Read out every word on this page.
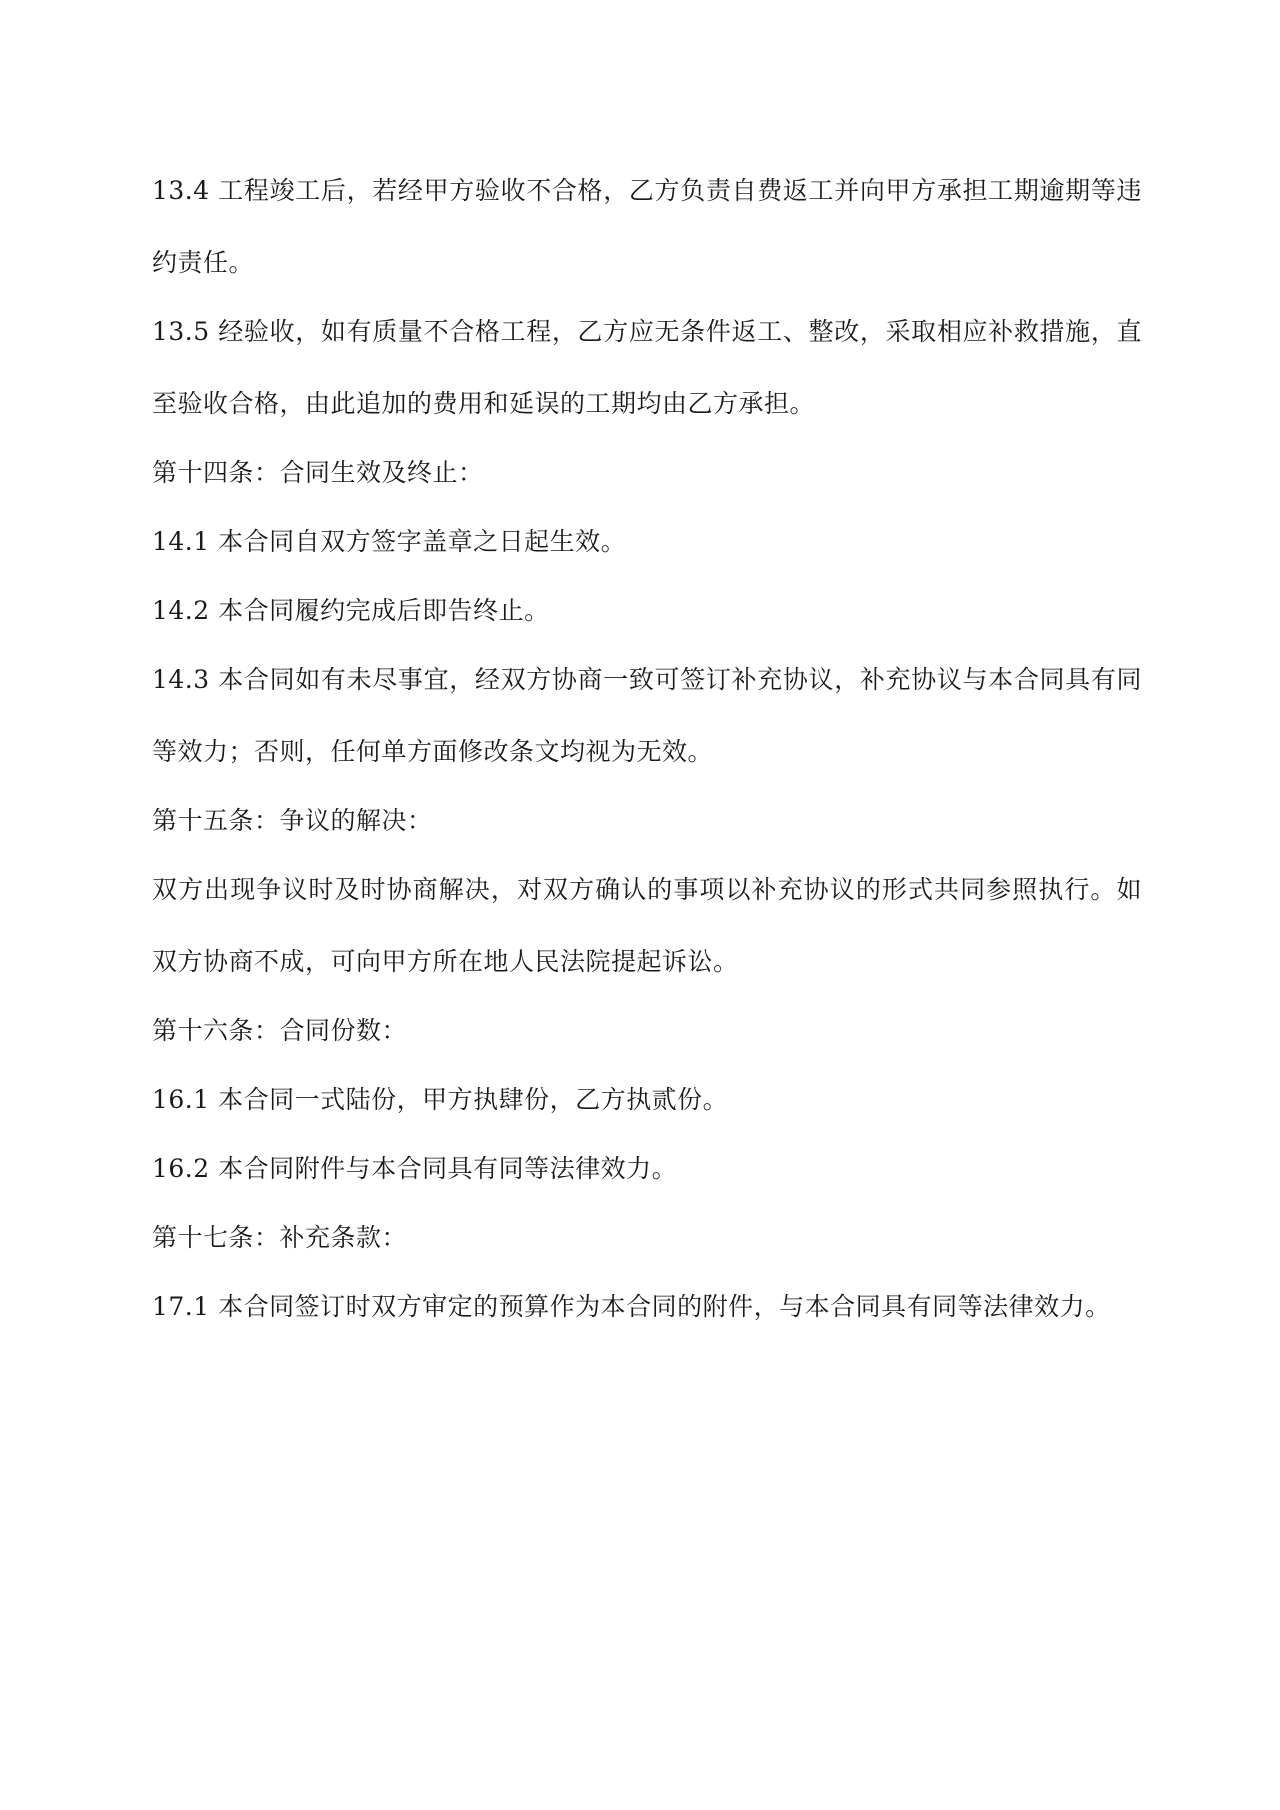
13.4 工程竣工后，若经甲方验收不合格，乙方负责自费返工并向甲方承担工期逾期等违约责任。

13.5 经验收，如有质量不合格工程，乙方应无条件返工、整改，采取相应补救措施，直至验收合格，由此追加的费用和延误的工期均由乙方承担。

第十四条：合同生效及终止：

14.1 本合同自双方签字盖章之日起生效。

14.2 本合同履约完成后即告终止。

14.3 本合同如有未尽事宜，经双方协商一致可签订补充协议，补充协议与本合同具有同等效力；否则，任何单方面修改条文均视为无效。

第十五条：争议的解决：

双方出现争议时及时协商解决，对双方确认的事项以补充协议的形式共同参照执行。如双方协商不成，可向甲方所在地人民法院提起诉讼。

第十六条：合同份数：

16.1 本合同一式陆份，甲方执肆份，乙方执贰份。

16.2 本合同附件与本合同具有同等法律效力。

第十七条：补充条款：

17.1 本合同签订时双方审定的预算作为本合同的附件，与本合同具有同等法律效力。
